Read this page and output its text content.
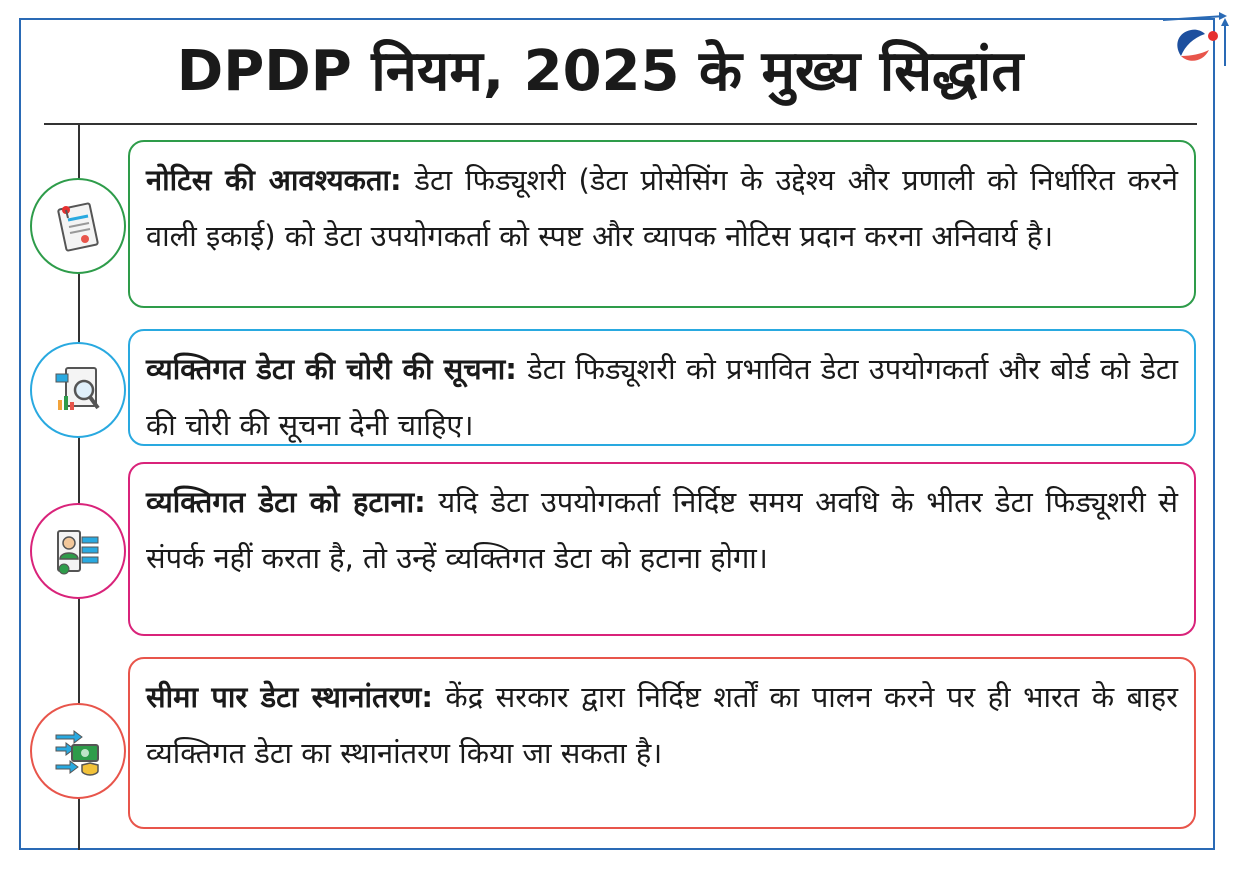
DPDP नियम, 2025 के मुख्य सिद्धांत

नोटिस की आवश्यकता: डेटा फिड्यूशरी (डेटा प्रोसेसिंग के उद्देश्य और प्रणाली को निर्धारित करने वाली इकाई) को डेटा उपयोगकर्ता को स्पष्ट और व्यापक नोटिस प्रदान करना अनिवार्य है।

व्यक्तिगत डेटा की चोरी की सूचना: डेटा फिड्यूशरी को प्रभावित डेटा उपयोगकर्ता और बोर्ड को डेटा की चोरी की सूचना देनी चाहिए।

व्यक्तिगत डेटा को हटाना: यदि डेटा उपयोगकर्ता निर्दिष्ट समय अवधि के भीतर डेटा फिड्यूशरी से संपर्क नहीं करता है, तो उन्हें व्यक्तिगत डेटा को हटाना होगा।

सीमा पार डेटा स्थानांतरण: केंद्र सरकार द्वारा निर्दिष्ट शर्तों का पालन करने पर ही भारत के बाहर व्यक्तिगत डेटा का स्थानांतरण किया जा सकता है।
